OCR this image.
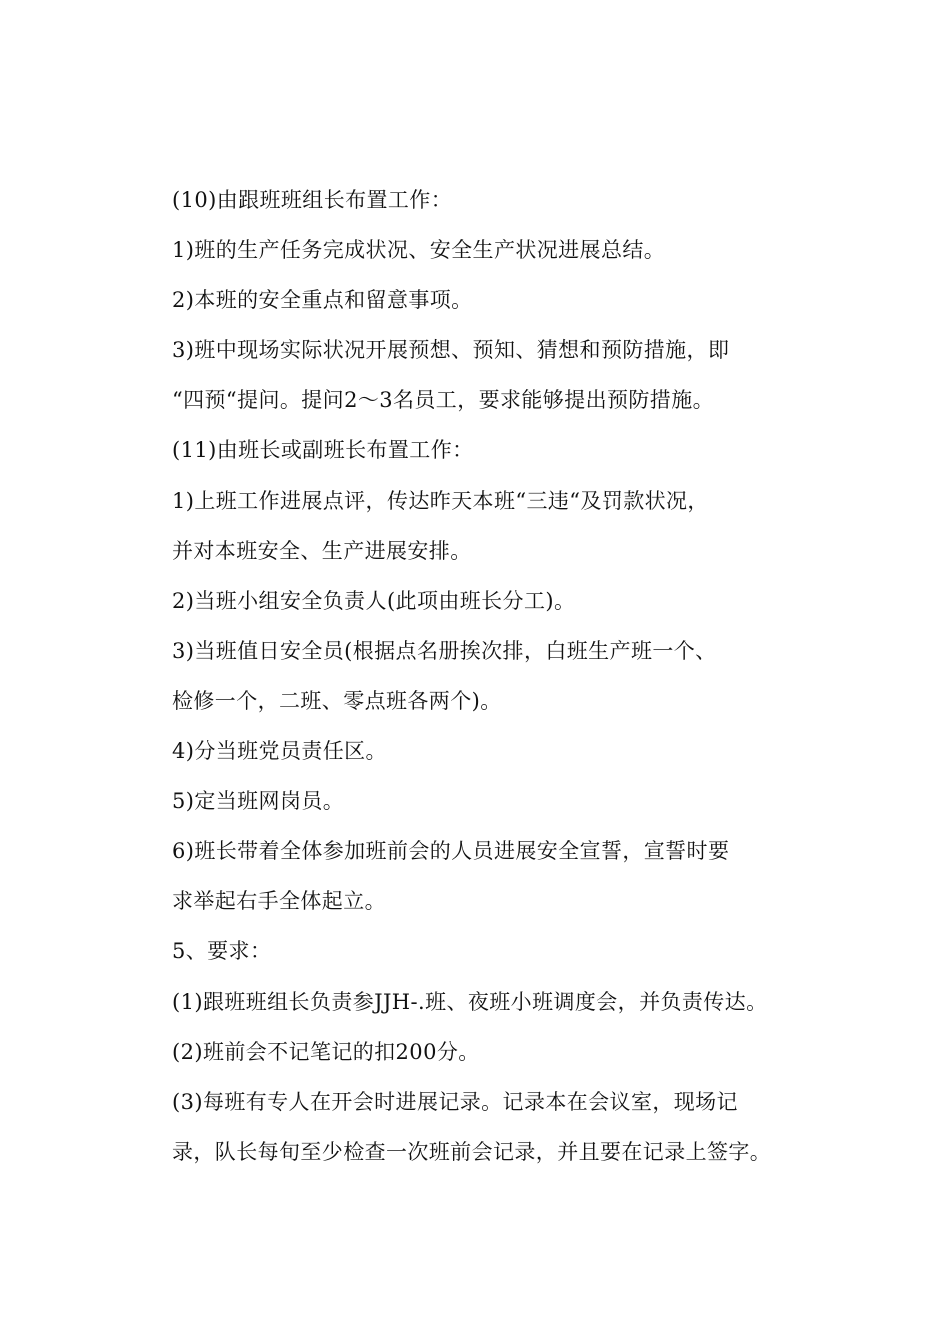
(10)由跟班班组长布置工作：
1)班的生产任务完成状况、安全生产状况进展总结。
2)本班的安全重点和留意事项。
3)班中现场实际状况开展预想、预知、猜想和预防措施，即
“四预“提问。提问2～3名员工，要求能够提出预防措施。
(11)由班长或副班长布置工作：
1)上班工作进展点评，传达昨天本班“三违“及罚款状况，
并对本班安全、生产进展安排。
2)当班小组安全负责人(此项由班长分工)。
3)当班值日安全员(根据点名册挨次排，白班生产班一个、
检修一个，二班、零点班各两个)。
4)分当班党员责任区。
5)定当班网岗员。
6)班长带着全体参加班前会的人员进展安全宣誓，宣誓时要
求举起右手全体起立。
5、要求：
(1)跟班班组长负责参JJH-.班、夜班小班调度会，并负责传达。
(2)班前会不记笔记的扣200分。
(3)每班有专人在开会时进展记录。记录本在会议室，现场记
录，队长每旬至少检查一次班前会记录，并且要在记录上签字。
